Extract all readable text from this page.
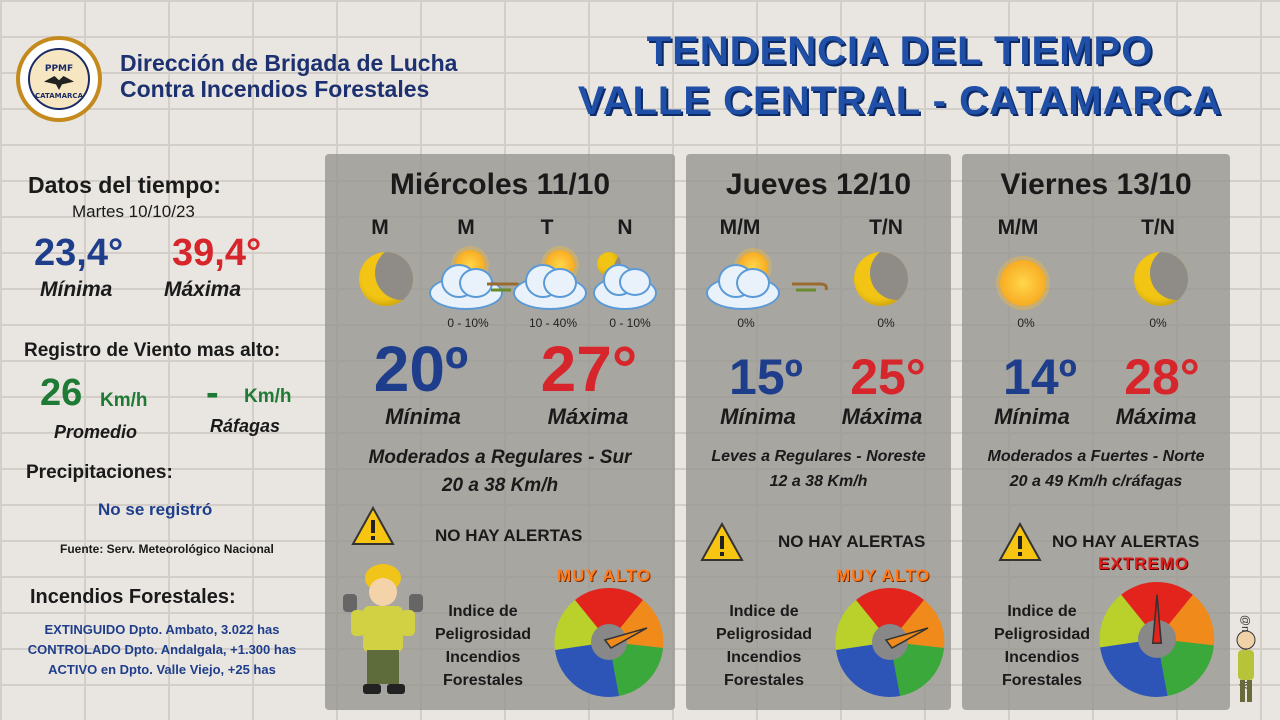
PPMF
CATAMARCA
Dirección de Brigada de Lucha
Contra Incendios Forestales
TENDENCIA DEL TIEMPO
VALLE CENTRAL - CATAMARCA
Datos del tiempo:
Martes 10/10/23
23,4° 39,4°
Mínima Máxima
Registro de Viento mas alto:
26 Km/h - Km/h
Promedio	Ráfagas
Precipitaciones:
No se registró
Fuente: Serv. Meteorológico Nacional
Incendios Forestales:
EXTINGUIDO Dpto. Ambato, 3.022 has
CONTROLADO Dpto. Andalgala, +1.300 has
ACTIVO en Dpto. Valle Viejo, +25 has
Miércoles 11/10
M	M	T	N
0 - 10%	10 - 40%	0 - 10%
20º 27°
Mínima	Máxima
Moderados a Regulares - Sur
20 a 38 Km/h
NO HAY ALERTAS
Indice de
Peligrosidad
Incendios
Forestales
MUY ALTO
Jueves 12/10
M/M	T/N
0%	0%
15º 25°
Mínima Máxima
Leves a Regulares - Noreste
12 a 38 Km/h
NO HAY ALERTAS
Indice de
Peligrosidad
Incendios
Forestales
MUY ALTO
Viernes 13/10
M/M	T/N
0%	0%
14º 28°
Mínima Máxima
Moderados a Fuertes - Norte
20 a 49 Km/h c/ráfagas
NO HAY ALERTAS
EXTREMO
Indice de
Peligrosidad
Incendios
Forestales
